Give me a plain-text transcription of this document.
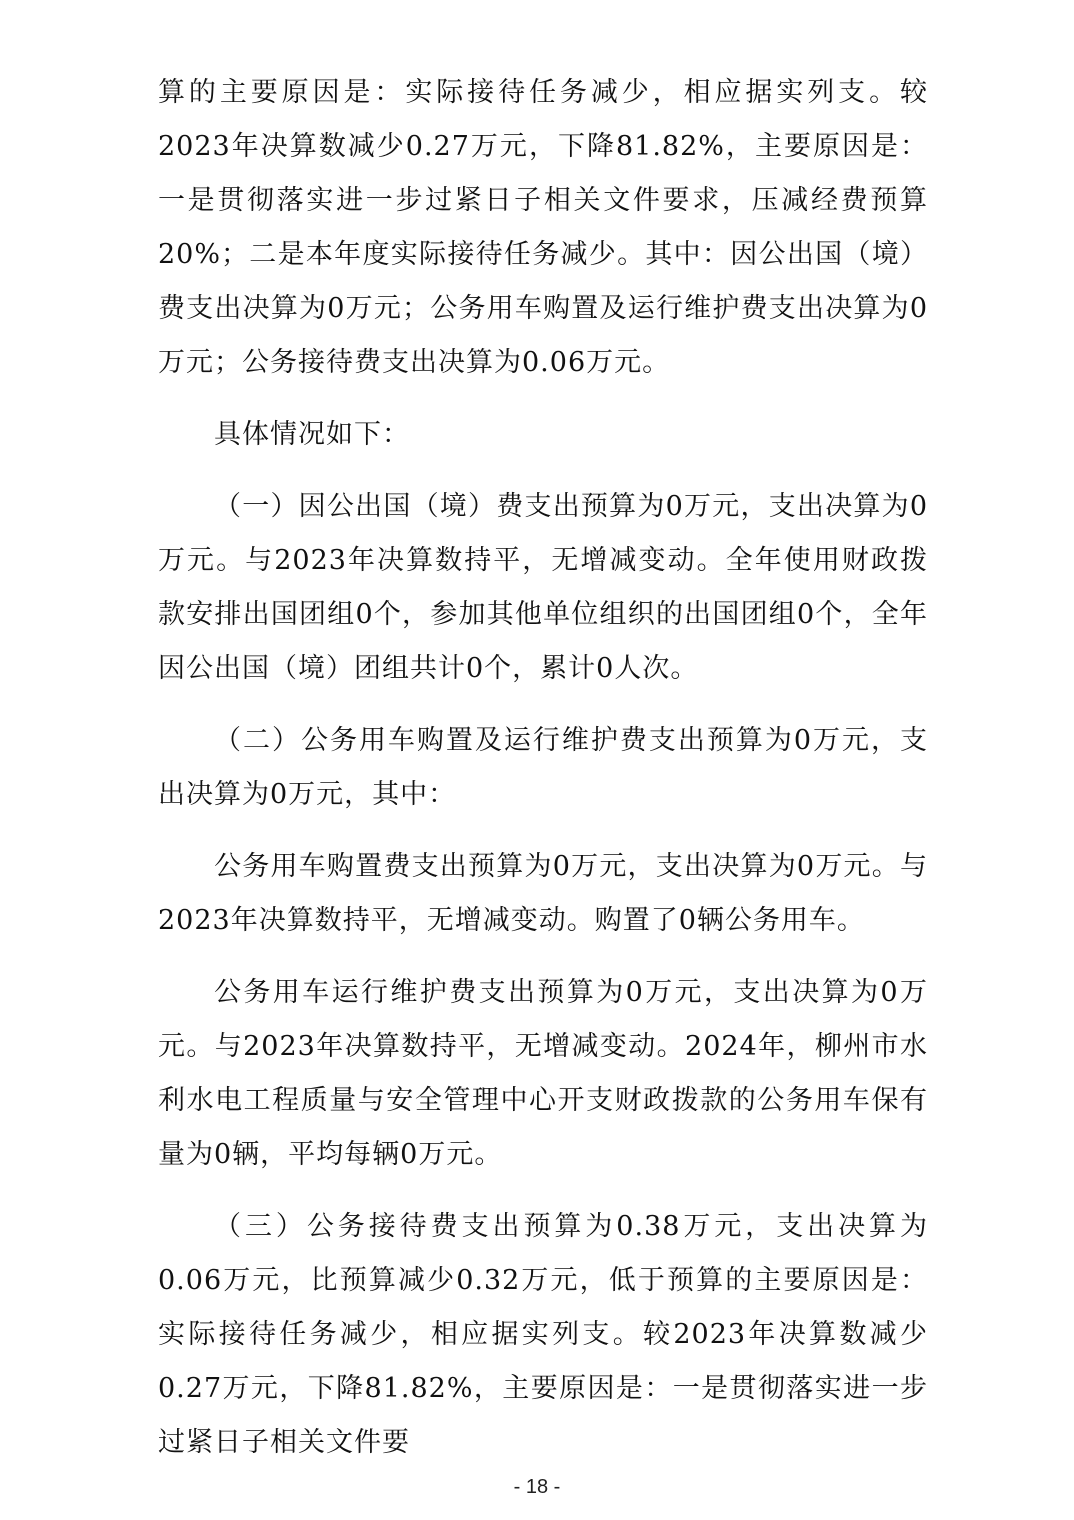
算的主要原因是：实际接待任务减少，相应据实列支。较2023年决算数减少0.27万元，下降81.82%，主要原因是：一是贯彻落实进一步过紧日子相关文件要求，压减经费预算20%；二是本年度实际接待任务减少。其中：因公出国（境）费支出决算为0万元；公务用车购置及运行维护费支出决算为0万元；公务接待费支出决算为0.06万元。

具体情况如下：

（一）因公出国（境）费支出预算为0万元，支出决算为0万元。与2023年决算数持平，无增减变动。全年使用财政拨款安排出国团组0个，参加其他单位组织的出国团组0个，全年因公出国（境）团组共计0个，累计0人次。

（二）公务用车购置及运行维护费支出预算为0万元，支出决算为0万元，其中：

公务用车购置费支出预算为0万元，支出决算为0万元。与2023年决算数持平，无增减变动。购置了0辆公务用车。

公务用车运行维护费支出预算为0万元，支出决算为0万元。与2023年决算数持平，无增减变动。2024年，柳州市水利水电工程质量与安全管理中心开支财政拨款的公务用车保有量为0辆，平均每辆0万元。

（三）公务接待费支出预算为0.38万元，支出决算为0.06万元，比预算减少0.32万元，低于预算的主要原因是：实际接待任务减少，相应据实列支。较2023年决算数减少0.27万元，下降81.82%，主要原因是：一是贯彻落实进一步过紧日子相关文件要

- 18 -
